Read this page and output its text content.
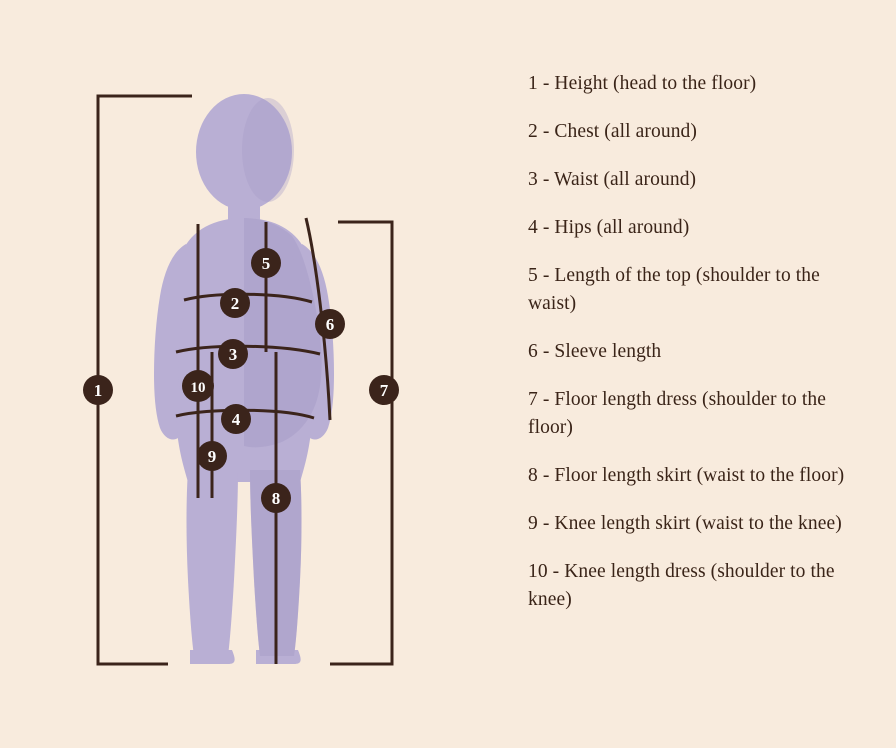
1
2
3
4
5
6
7
8
9
10
1 - Height (head to the floor)
2 - Chest (all around)
3 - Waist (all around)
4 - Hips (all around)
5 - Length of the top (shoulder to the waist)
6 - Sleeve length
7 - Floor length dress (shoulder to the floor)
8 - Floor length skirt (waist to the floor)
9 - Knee length skirt (waist to the knee)
10 - Knee length dress (shoulder to the knee)
